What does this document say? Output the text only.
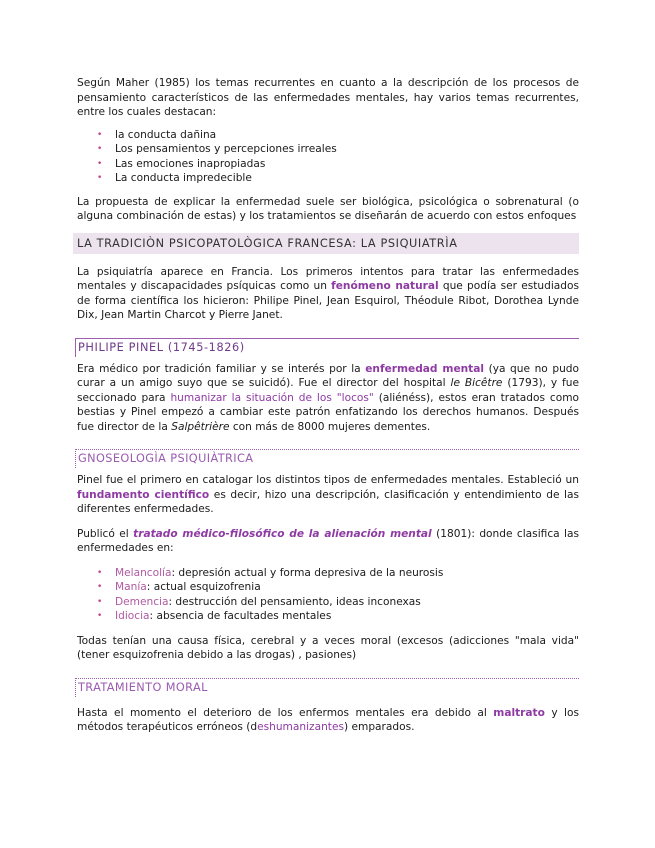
Según Maher (1985) los temas recurrentes en cuanto a la descripción de los procesos de pensamiento característicos de las enfermedades mentales, hay varios temas recurrentes, entre los cuales destacan:

• la conducta dañina
• Los pensamientos y percepciones irreales
• Las emociones inapropiadas
• La conducta impredecible

La propuesta de explicar la enfermedad suele ser biológica, psicológica o sobrenatural (o alguna combinación de estas) y los tratamientos se diseñarán de acuerdo con estos enfoques

LA TRADICIÒN PSICOPATOLÒGICA FRANCESA: LA PSIQUIATRÌA

La psiquiatría aparece en Francia. Los primeros intentos para tratar las enfermedades mentales y discapacidades psíquicas como un fenómeno natural que podía ser estudiados de forma científica los hicieron: Philipe Pinel, Jean Esquirol, Théodule Ribot, Dorothea Lynde Dix, Jean Martin Charcot y Pierre Janet.

PHILIPE PINEL (1745-1826)

Era médico por tradición familiar y se interés por la enfermedad mental (ya que no pudo curar a un amigo suyo que se suicidó). Fue el director del hospital le Bicêtre (1793), y fue seccionado para humanizar la situación de los "locos" (aliénéss), estos eran tratados como bestias y Pinel empezó a cambiar este patrón enfatizando los derechos humanos. Después fue director de la Salpêtrière con más de 8000 mujeres dementes.

GNOSEOLOGÌA PSIQUIÀTRICA

Pinel fue el primero en catalogar los distintos tipos de enfermedades mentales. Estableció un fundamento científico es decir, hizo una descripción, clasificación y entendimiento de las diferentes enfermedades.

Publicó el tratado médico-filosófico de la alienación mental (1801): donde clasifica las enfermedades en:

• Melancolía: depresión actual y forma depresiva de la neurosis
• Manía: actual esquizofrenia
• Demencia: destrucción del pensamiento, ideas inconexas
• Idiocia: absencia de facultades mentales

Todas tenían una causa física, cerebral y a veces moral (excesos (adicciones "mala vida"(tener esquizofrenia debido a las drogas) , pasiones)

TRATAMIENTO MORAL

Hasta el momento el deterioro de los enfermos mentales era debido al maltrato y los métodos terapéuticos erróneos (deshumanizantes) emparados.
